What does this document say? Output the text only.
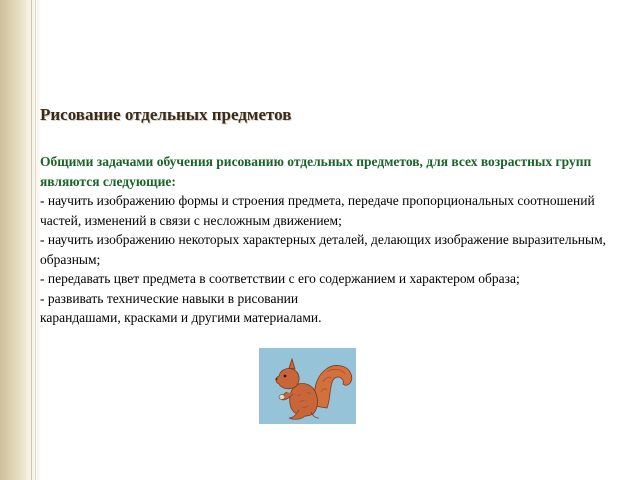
Рисование отдельных предметов
Общими задачами обучения рисованию отдельных предметов, для всех возрастных групп являются следующие:
- научить изображению формы и строения предмета, передаче пропорциональных соотношений частей, изменений в связи с несложным движением;
- научить изображению некоторых характерных деталей, делающих изображение выразительным, образным;
- передавать цвет предмета в соответствии с его содержанием и характером образа;
- развивать технические навыки в рисовании
карандашами, красками и другими материалами.
